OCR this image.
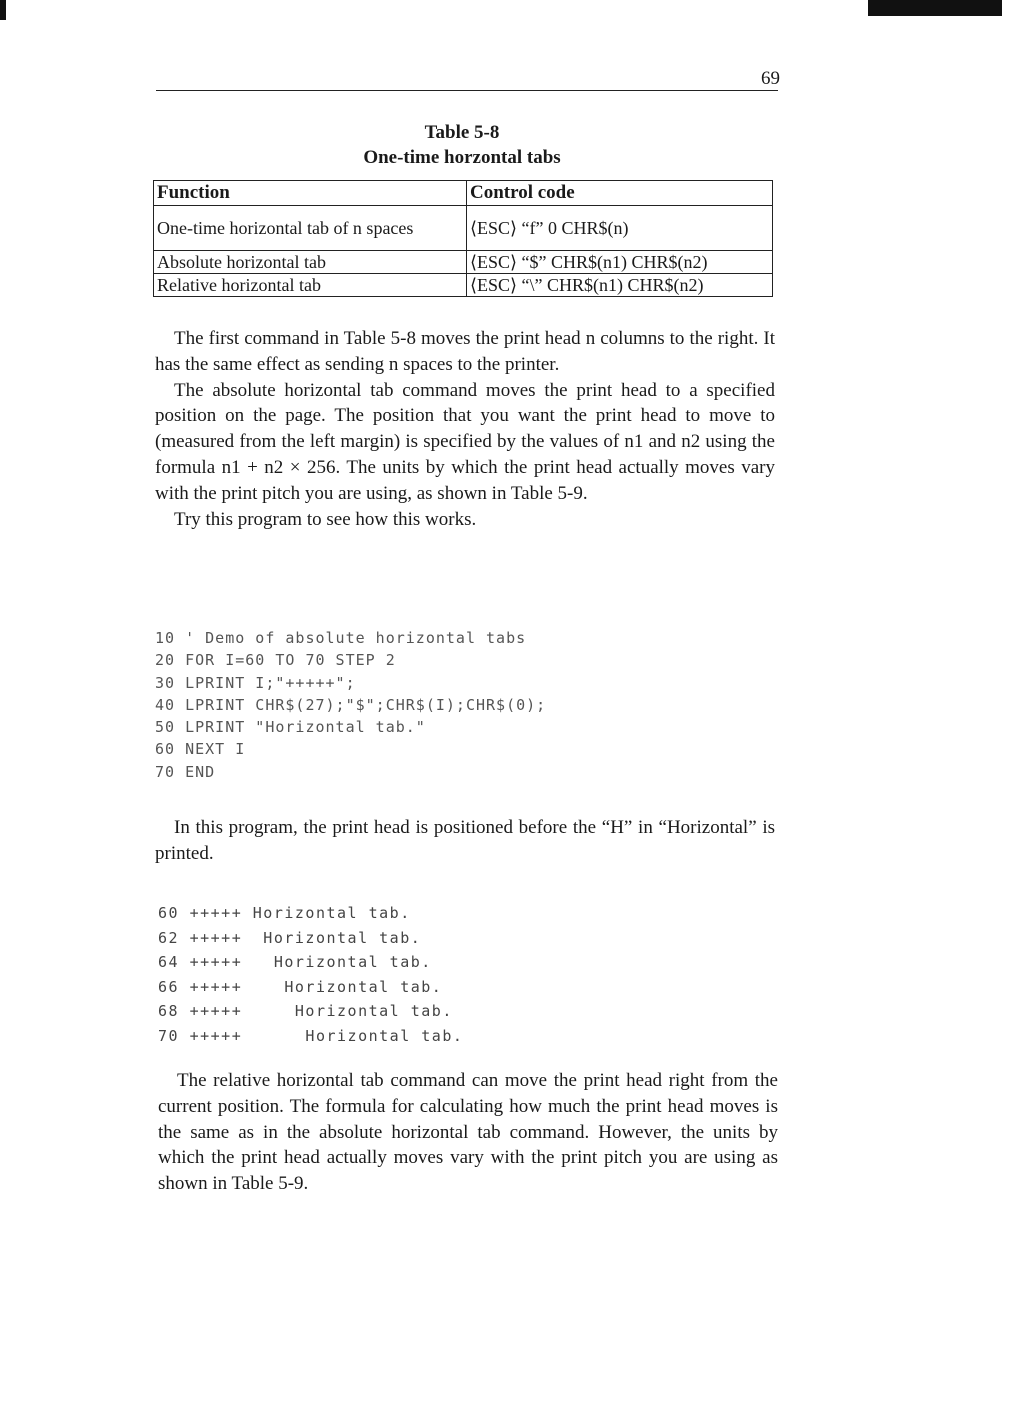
69
Table 5-8
One-time horzontal tabs
Function	Control code
One-time horizontal tab of n spaces	⟨ESC⟩ “f” 0 CHR$(n)
Absolute horizontal tab	⟨ESC⟩ “$” CHR$(n1) CHR$(n2)
Relative horizontal tab	⟨ESC⟩ “\” CHR$(n1) CHR$(n2)

The first command in Table 5-8 moves the print head n columns to the right. It has the same effect as sending n spaces to the printer.

The absolute horizontal tab command moves the print head to a specified position on the page. The position that you want the print head to move to (measured from the left margin) is specified by the values of n1 and n2 using the formula n1 + n2 × 256. The units by which the print head actually moves vary with the print pitch you are using, as shown in Table 5-9.

Try this program to see how this works.

10 ' Demo of absolute horizontal tabs
20 FOR I=60 TO 70 STEP 2
30 LPRINT I;"+++++";
40 LPRINT CHR$(27);"$";CHR$(I);CHR$(0);
50 LPRINT "Horizontal tab."
60 NEXT I
70 END

In this program, the print head is positioned before the “H” in “Horizontal” is printed.

60 +++++ Horizontal tab.
62 +++++  Horizontal tab.
64 +++++   Horizontal tab.
66 +++++    Horizontal tab.
68 +++++     Horizontal tab.
70 +++++      Horizontal tab.

The relative horizontal tab command can move the print head right from the current position. The formula for calculating how much the print head moves is the same as in the absolute horizontal tab command. However, the units by which the print head actually moves vary with the print pitch you are using as shown in Table 5-9.
